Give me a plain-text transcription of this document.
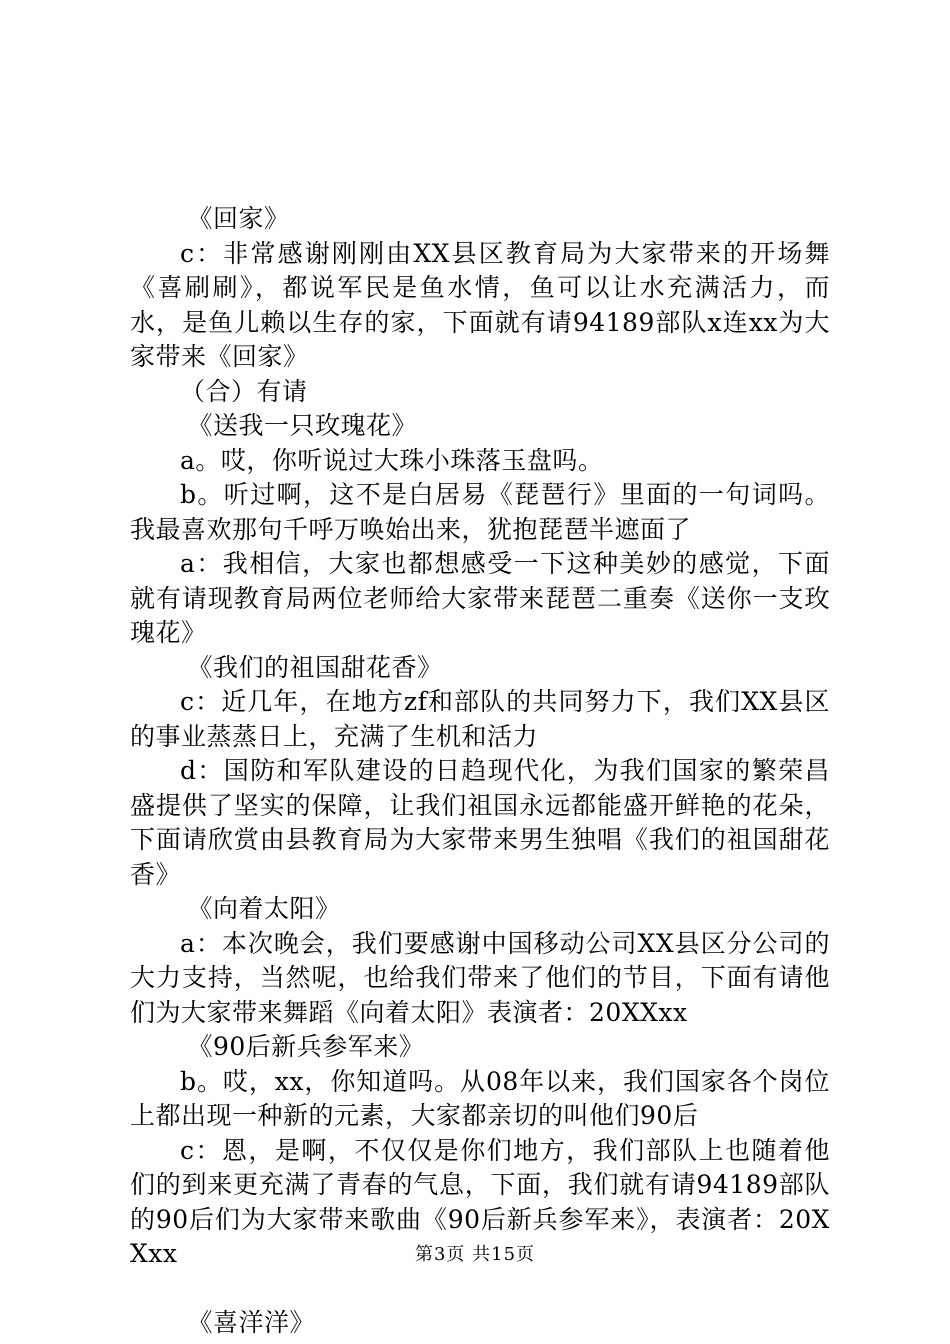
《回家》

c：非常感谢刚刚由XX县区教育局为大家带来的开场舞《喜刷刷》，都说军民是鱼水情，鱼可以让水充满活力，而水，是鱼儿赖以生存的家，下面就有请94189部队x连xx为大家带来《回家》

（合）有请

《送我一只玫瑰花》

a。哎，你听说过大珠小珠落玉盘吗。

b。听过啊，这不是白居易《琵琶行》里面的一句词吗。我最喜欢那句千呼万唤始出来，犹抱琵琶半遮面了

a：我相信，大家也都想感受一下这种美妙的感觉，下面就有请现教育局两位老师给大家带来琵琶二重奏《送你一支玫瑰花》

《我们的祖国甜花香》

c：近几年，在地方zf和部队的共同努力下，我们XX县区的事业蒸蒸日上，充满了生机和活力

d：国防和军队建设的日趋现代化，为我们国家的繁荣昌盛提供了坚实的保障，让我们祖国永远都能盛开鲜艳的花朵，下面请欣赏由县教育局为大家带来男生独唱《我们的祖国甜花香》

《向着太阳》

a：本次晚会，我们要感谢中国移动公司XX县区分公司的大力支持，当然呢，也给我们带来了他们的节目，下面有请他们为大家带来舞蹈《向着太阳》表演者：20XXxx

《90后新兵参军来》

b。哎，xx，你知道吗。从08年以来，我们国家各个岗位上都出现一种新的元素，大家都亲切的叫他们90后

c：恩，是啊，不仅仅是你们地方，我们部队上也随着他们的到来更充满了青春的气息，下面，我们就有请94189部队的90后们为大家带来歌曲《90后新兵参军来》，表演者：20XXxx

《喜洋洋》

第3页 共15页
